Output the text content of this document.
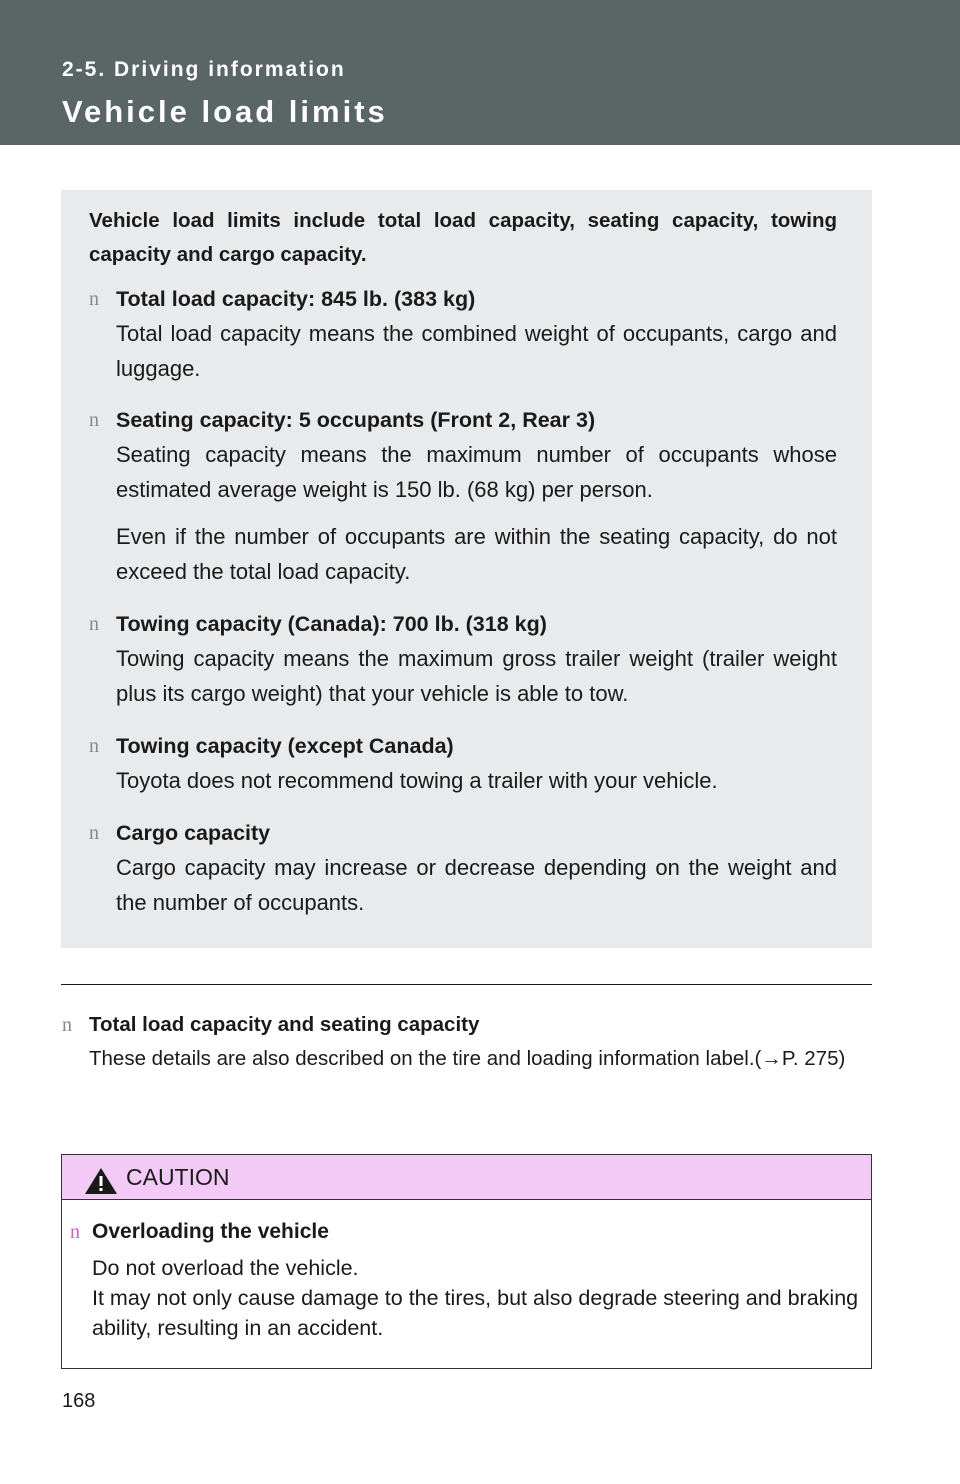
2-5. Driving information
Vehicle load limits
Vehicle load limits include total load capacity, seating capacity, towing capacity and cargo capacity.
n Total load capacity: 845 lb. (383 kg)
Total load capacity means the combined weight of occupants, cargo and luggage.
n Seating capacity: 5 occupants (Front 2, Rear 3)
Seating capacity means the maximum number of occupants whose estimated average weight is 150 lb. (68 kg) per person.
Even if the number of occupants are within the seating capacity, do not exceed the total load capacity.
n Towing capacity (Canada): 700 lb. (318 kg)
Towing capacity means the maximum gross trailer weight (trailer weight plus its cargo weight) that your vehicle is able to tow.
n Towing capacity (except Canada)
Toyota does not recommend towing a trailer with your vehicle.
n Cargo capacity
Cargo capacity may increase or decrease depending on the weight and the number of occupants.
n Total load capacity and seating capacity
These details are also described on the tire and loading information label.(→P. 275)
CAUTION
n Overloading the vehicle
Do not overload the vehicle.
It may not only cause damage to the tires, but also degrade steering and braking ability, resulting in an accident.
168
